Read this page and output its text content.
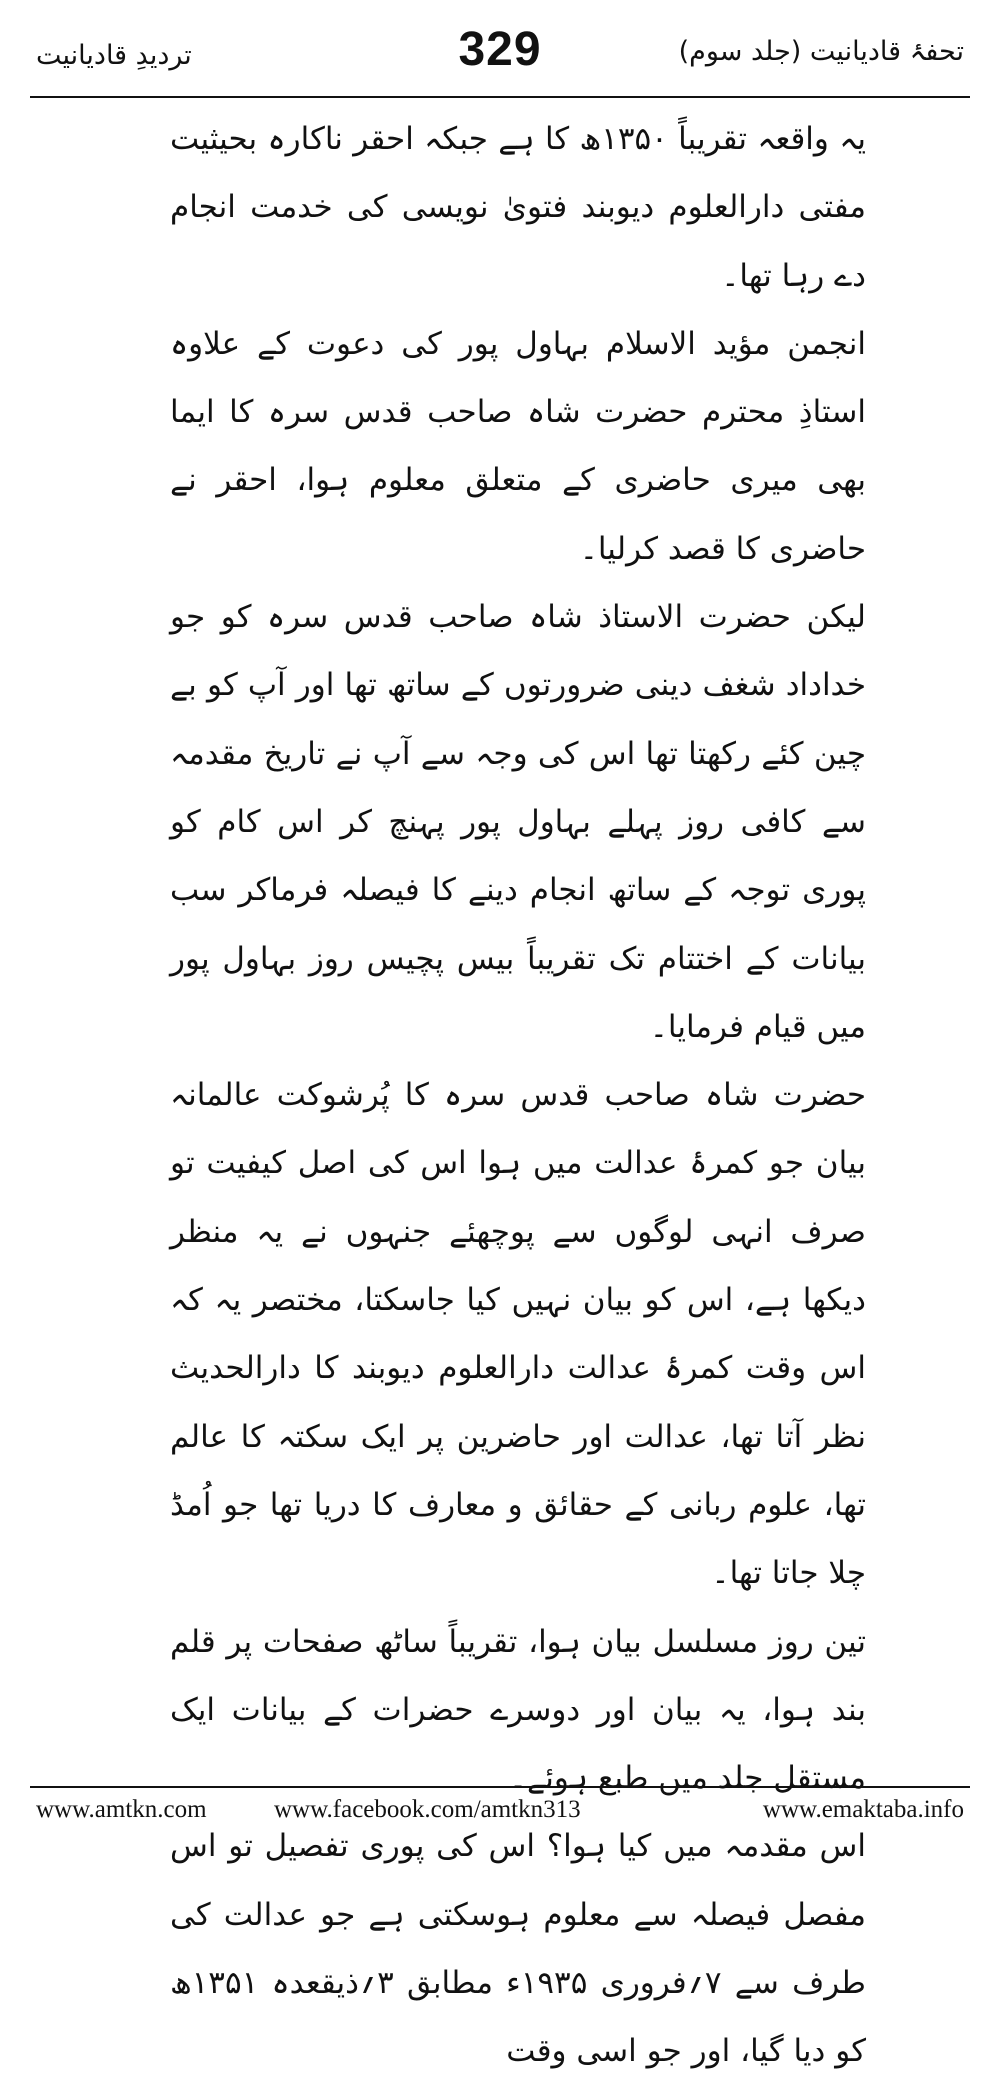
تحفۂ قادیانیت (جلد سوم)
329
تردیدِ قادیانیت

یہ واقعہ تقریباً ۱۳۵۰ھ کا ہے جبکہ احقر ناکارہ بحیثیت مفتی دارالعلوم دیوبند فتویٰ نویسی کی خدمت انجام دے رہا تھا۔

انجمن مؤید الاسلام بہاول پور کی دعوت کے علاوہ استاذِ محترم حضرت شاہ صاحب قدس سرہ کا ایما بھی میری حاضری کے متعلق معلوم ہوا، احقر نے حاضری کا قصد کرلیا۔

لیکن حضرت الاستاذ شاہ صاحب قدس سرہ کو جو خداداد شغف دینی ضرورتوں کے ساتھ تھا اور آپ کو بے چین کئے رکھتا تھا اس کی وجہ سے آپ نے تاریخ مقدمہ سے کافی روز پہلے بہاول پور پہنچ کر اس کام کو پوری توجہ کے ساتھ انجام دینے کا فیصلہ فرماکر سب بیانات کے اختتام تک تقریباً بیس پچیس روز بہاول پور میں قیام فرمایا۔

حضرت شاہ صاحب قدس سرہ کا پُرشوکت عالمانہ بیان جو کمرۂ عدالت میں ہوا اس کی اصل کیفیت تو صرف انہی لوگوں سے پوچھئے جنہوں نے یہ منظر دیکھا ہے، اس کو بیان نہیں کیا جاسکتا، مختصر یہ کہ اس وقت کمرۂ عدالت دارالعلوم دیوبند کا دارالحدیث نظر آتا تھا، عدالت اور حاضرین پر ایک سکتہ کا عالم تھا، علوم ربانی کے حقائق و معارف کا دریا تھا جو اُمڈ چلا جاتا تھا۔

تین روز مسلسل بیان ہوا، تقریباً ساٹھ صفحات پر قلم بند ہوا، یہ بیان اور دوسرے حضرات کے بیانات ایک مستقل جلد میں طبع ہوئے۔

اس مقدمہ میں کیا ہوا؟ اس کی پوری تفصیل تو اس مفصل فیصلہ سے معلوم ہوسکتی ہے جو عدالت کی طرف سے ۷؍فروری ۱۹۳۵ء مطابق ۳؍ذیقعدہ ۱۳۵۱ھ کو دیا گیا، اور جو اسی وقت

www.amtkn.com	www.facebook.com/amtkn313	www.emaktaba.info
